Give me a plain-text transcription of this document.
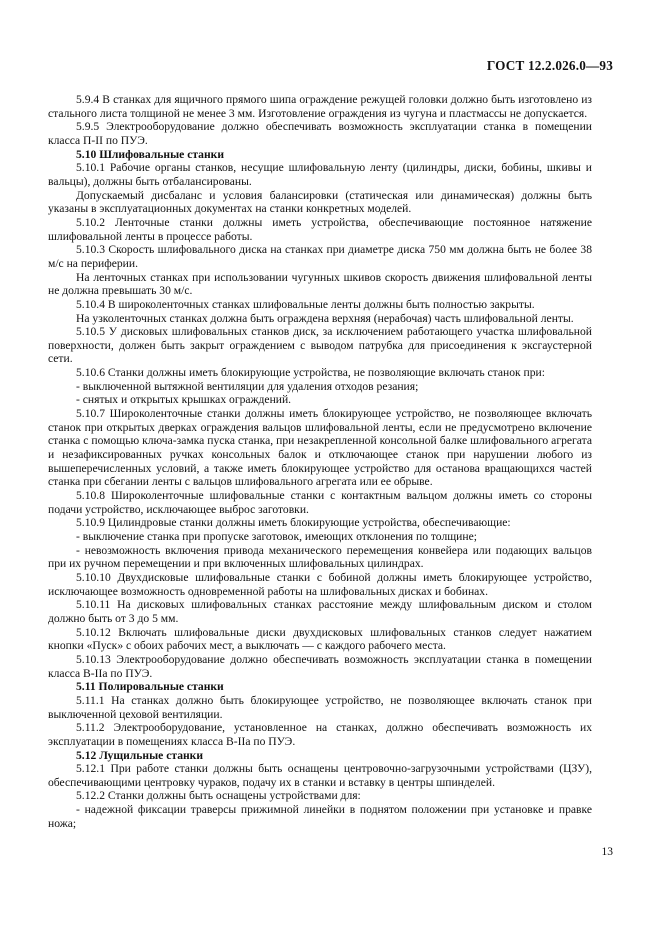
ГОСТ 12.2.026.0—93

5.9.4 В станках для ящичного прямого шипа ограждение режущей головки должно быть изготовлено из стального листа толщиной не менее 3 мм. Изготовление ограждения из чугуна и пластмассы не допускается.

5.9.5 Электрооборудование должно обеспечивать возможность эксплуатации станка в помещении класса П-II по ПУЭ.

5.10 Шлифовальные станки

5.10.1 Рабочие органы станков, несущие шлифовальную ленту (цилиндры, диски, бобины, шкивы и вальцы), должны быть отбалансированы.

Допускаемый дисбаланс и условия балансировки (статическая или динамическая) должны быть указаны в эксплуатационных документах на станки конкретных моделей.

5.10.2 Ленточные станки должны иметь устройства, обеспечивающие постоянное натяжение шлифовальной ленты в процессе работы.

5.10.3 Скорость шлифовального диска на станках при диаметре диска 750 мм должна быть не более 38 м/с на периферии.

На ленточных станках при использовании чугунных шкивов скорость движения шлифовальной ленты не должна превышать 30 м/с.

5.10.4 В широколенточных станках шлифовальные ленты должны быть полностью закрыты.

На узколенточных станках должна быть ограждена верхняя (нерабочая) часть шлифовальной ленты.

5.10.5 У дисковых шлифовальных станков диск, за исключением работающего участка шлифовальной поверхности, должен быть закрыт ограждением с выводом патрубка для присоединения к эксгаустерной сети.

5.10.6 Станки должны иметь блокирующие устройства, не позволяющие включать станок при:

- выключенной вытяжной вентиляции для удаления отходов резания;

- снятых и открытых крышках ограждений.

5.10.7 Широколенточные станки должны иметь блокирующее устройство, не позволяющее включать станок при открытых дверках ограждения вальцов шлифовальной ленты, если не предусмотрено включение станка с помощью ключа-замка пуска станка, при незакрепленной консольной балке шлифовального агрегата и незафиксированных ручках консольных балок и отключающее станок при нарушении любого из вышеперечисленных условий, а также иметь блокирующее устройство для останова вращающихся частей станка при сбегании ленты с вальцов шлифовального агрегата или ее обрыве.

5.10.8 Широколенточные шлифовальные станки с контактным вальцом должны иметь со стороны подачи устройство, исключающее выброс заготовки.

5.10.9 Цилиндровые станки должны иметь блокирующие устройства, обеспечивающие:

- выключение станка при пропуске заготовок, имеющих отклонения по толщине;

- невозможность включения привода механического перемещения конвейера или подающих вальцов при их ручном перемещении и при включенных шлифовальных цилиндрах.

5.10.10 Двухдисковые шлифовальные станки с бобиной должны иметь блокирующее устройство, исключающее возможность одновременной работы на шлифовальных дисках и бобинах.

5.10.11 На дисковых шлифовальных станках расстояние между шлифовальным диском и столом должно быть от 3 до 5 мм.

5.10.12 Включать шлифовальные диски двухдисковых шлифовальных станков следует нажатием кнопки «Пуск» с обоих рабочих мест, а выключать — с каждого рабочего места.

5.10.13 Электрооборудование должно обеспечивать возможность эксплуатации станка в помещении класса В-IIа по ПУЭ.

5.11 Полировальные станки

5.11.1 На станках должно быть блокирующее устройство, не позволяющее включать станок при выключенной цеховой вентиляции.

5.11.2 Электрооборудование, установленное на станках, должно обеспечивать возможность их эксплуатации в помещениях класса В-IIа по ПУЭ.

5.12 Лущильные станки

5.12.1 При работе станки должны быть оснащены центровочно-загрузочными устройствами (ЦЗУ), обеспечивающими центровку чураков, подачу их в станки и вставку в центры шпинделей.

5.12.2 Станки должны быть оснащены устройствами для:

- надежной фиксации траверсы прижимной линейки в поднятом положении при установке и правке ножа;

13
